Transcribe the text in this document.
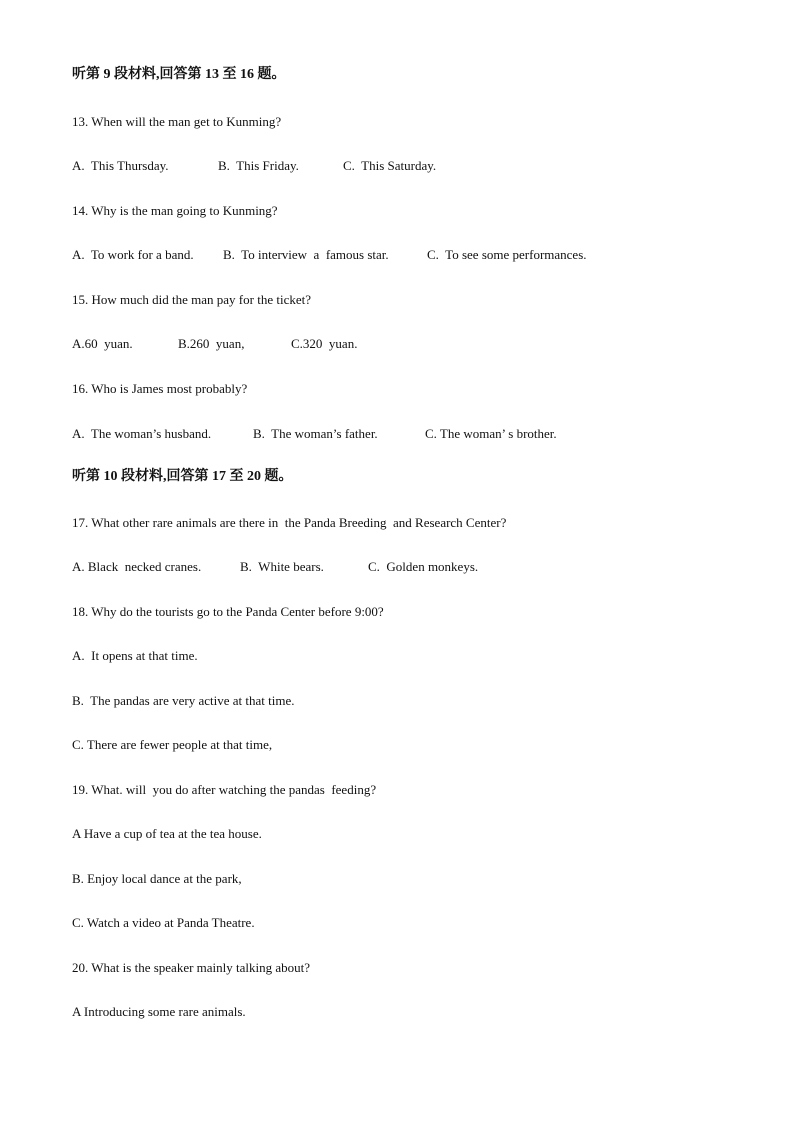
听第 9 段材料,回答第 13 至 16 题。
13. When will the man get to Kunming?
A.  This Thursday.	B.  This Friday.	C.  This Saturday.
14. Why is the man going to Kunming?
A.  To work for a band. B.  To interview  a  famous star.	C.  To see some performances.
15. How much did the man pay for the ticket?
A.60  yuan.	B.260  yuan,	C.320  yuan.
16. Who is James most probably?
A.  The woman’s husband.	B.  The woman’s father.	C. The woman’ s brother.
听第 10 段材料,回答第 17 至 20 题。
17. What other rare animals are there in  the Panda Breeding  and Research Center?
A. Black  necked cranes.	B.  White bears.	C.  Golden monkeys.
18. Why do the tourists go to the Panda Center before 9:00?
A.  It opens at that time.
B.  The pandas are very active at that time.
C. There are fewer people at that time,
19. What. will  you do after watching the pandas  feeding?
A Have a cup of tea at the tea house.
B. Enjoy local dance at the park,
C. Watch a video at Panda Theatre.
20. What is the speaker mainly talking about?
A Introducing some rare animals.
